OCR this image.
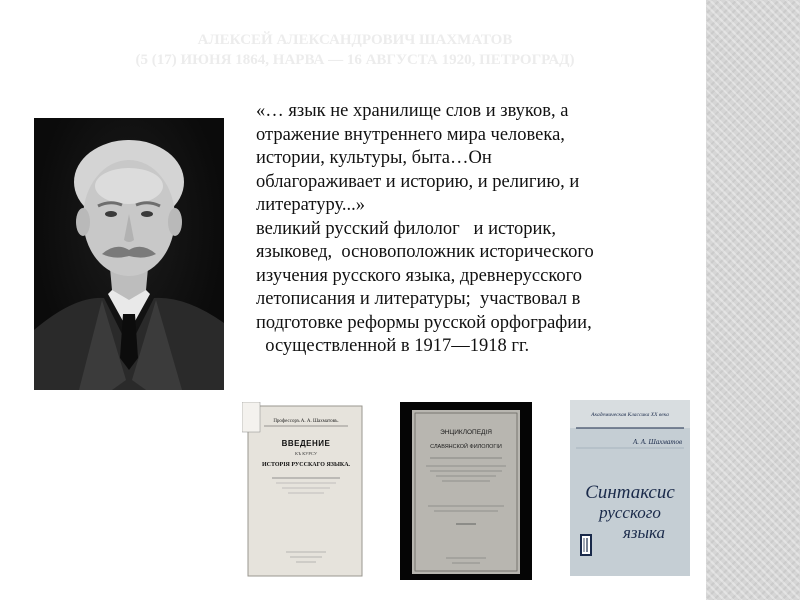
АЛЕКСЕЙ АЛЕКСАНДРОВИЧ ШАХМАТОВ
(5 (17) ИЮНЯ 1864, НАРВА — 16 АВГУСТА 1920, ПЕТРОГРАД)

«… язык не хранилище слов и звуков, а

отражение внутреннего мира человека,

истории, культуры, быта…Он

облагораживает и историю, и религию, и

литературу...»

великий русский филолог   и историк,

языковед,  основоположник исторического

изучения русского языка, древнерусского

летописания и литературы;  участвовал в

подготовке реформы русской орфографии,

осуществленной в 1917—1918 гг.

Профессоръ А. А. Шахматовъ.
ВВЕДЕНИЕ
КЪ КУРСУ
ИСТОРІЯ РУССКАГО ЯЗЫКА.
ЭНЦИКЛОПЕДІЯ
СЛАВЯНСКОЙ ФИЛОЛОГІИ
Академическая Классика XX века
А. А. Шахматов
Синтаксис
русского
языка
